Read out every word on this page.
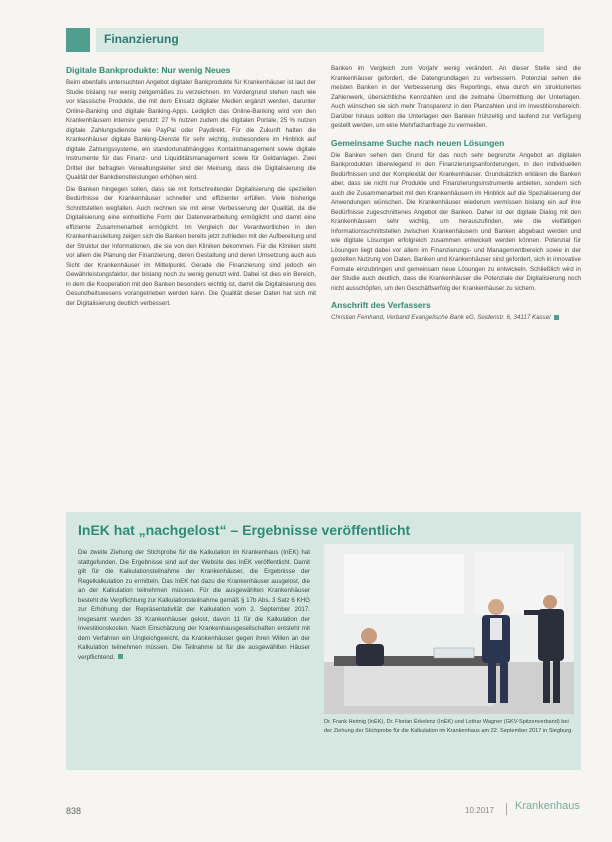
Finanzierung
Digitale Bankprodukte: Nur wenig Neues

Beim ebenfalls untersuchten Angebot digitaler Bankprodukte für Krankenhäuser ist laut der Studie bislang nur wenig zeitgemäßes zu verzeichnen. Im Vordergrund stehen nach wie vor klassische Produkte, die mit dem Einsatz digitaler Medien ergänzt werden, darunter Online-Banking und digitale Banking-Apps. Lediglich das Online-Banking wird von den Krankenhäusern intensiv genutzt: 27 % nutzen zudem die digitalen Portale, 25 % nutzen digitale Zahlungsdienste wie PayPal oder Paydirekt. Für die Zukunft halten die Krankenhäuser digitale Banking-Dienste für sehr wichtig, insbesondere im Hinblick auf digitale Zahlungssysteme, ein standortunabhängiges Kontaktmanagement sowie digitale Instrumente für das Finanz- und Liquiditätsmanagement sowie für Geldanlagen. Zwei Drittel der befragten Verwaltungsleiter sind der Meinung, dass die Digitalisierung die Qualität der Bankdienstleistungen erhöhen wird.

Die Banken hingegen sollen, dass sie mit fortschreitender Digitalisierung die speziellen Bedürfnisse der Krankenhäuser schneller und effizienter erfüllen. Viele bisherige Schnittstellen wegfallen. Auch rechnen sie mit einer Verbesserung der Qualität, da die Digitalisierung eine einheitliche Form der Datenverarbeitung ermöglicht und damit eine effiziente Zusammenarbeit ermöglicht. Im Vergleich der Verantwortlichen in den Krankenhausleitung zeigen sich die Banken bereits jetzt zufrieden mit der Aufbereitung und der Struktur der Informationen, die sie von den Kliniken bekommen. Für die Kliniken steht vor allem die Planung der Finanzierung, deren Gestaltung und deren Umsetzung auch aus Sicht der Krankenhäuser im Mittelpunkt. Gerade die Finanzierung sind jedoch ein Gewährleistungsfaktor, der bislang noch zu wenig genutzt wird. Dabei ist dies ein Bereich, in dem die Kooperation mit den Banken besonders wichtig ist, damit die Digitalisierung des Gesundheitswesens vorangetrieben werden kann. Die Qualität dieser Daten hat sich mit der Digitalisierung deutlich verbessert.

Banken im Vergleich zum Vorjahr wenig verändert. An dieser Stelle sind die Krankenhäuser gefordert, die Datengrundlagen zu verbessern. Potenzial sehen die meisten Banken in der Verbesserung des Reportings, etwa durch ein strukturiertes Zahlenwerk, übersichtliche Kennzahlen und die zeitnahe Übermittlung der Unterlagen. Auch wünschen sie sich mehr Transparenz in den Planzahlen und im Investitionsbereich. Darüber hinaus sollten die Unterlagen den Banken frühzeitig und laufend zur Verfügung gestellt werden, um eine Mehrfachanfrage zu vermeiden.

Gemeinsame Suche nach neuen Lösungen

Die Banken sehen den Grund für das noch sehr begrenzte Angebot an digitalen Bankprodukten überwiegend in den Finanzierungsanforderungen, in den individuellen Bedürfnissen und der Komplexität der Krankenhäuser. Grundsätzlich erklären die Banken aber, dass sie nicht nur Produkte und Finanzierungsinstrumente anbieten, sondern sich auch die Zusammenarbeit mit den Krankenhäusern im Hinblick auf die Spezialisierung der Anwendungen wünschen. Die Krankenhäuser wiederum vermissen bislang ein auf ihre Bedürfnisse zugeschnittenes Angebot der Banken. Daher ist der digitale Dialog mit den Krankenhäusern sehr wichtig, um herauszufinden, wie die vielfältigen Informationsschnittstellen zwischen Krankenhäusern und Banken abgebaut werden und wie digitale Lösungen erfolgreich zusammen entwickelt werden können. Potenzial für Lösungen liegt dabei vor allem im Finanzierungs- und Managementbereich sowie in der gezielten Nutzung von Daten. Banken und Krankenhäuser sind gefordert, sich in innovative Formate einzubringen und gemeinsam neue Lösungen zu entwickeln. Schließlich wird in der Studie auch deutlich, dass die Krankenhäuser die Potenziale der Digitalisierung noch nicht ausschöpfen, um den Geschäftserfolg der Krankenhäuser zu sichern.

Anschrift des Verfassers
Christian Feinhand, Verband Evangelische Bank eG, Seidenstr. 6, 34117 Kassel
InEK hat „nachgelost“ – Ergebnisse veröffentlicht
Die zweite Ziehung der Stichprobe für die Kalkulation im Krankenhaus (InEK) hat stattgefunden. Die Ergebnisse sind auf der Website des InEK veröffentlicht. Damit gilt für die Kalkulationsteilnahme der Krankenhäuser, die Ergebnisse der Regelkalkulation zu ermitteln. Das InEK hat dazu die Krankenhäuser ausgelost, die an der Kalkulation teilnehmen müssen. Für die ausgewählten Krankenhäuser besteht die Verpflichtung zur Kalkulationsteilnahme gemäß § 17b Abs. 3 Satz 6 KHG zur Erhöhung der Repräsentativität der Kalkulation vom 2. September 2017. Insgesamt wurden 33 Krankenhäuser gelost, davon 11 für die Kalkulation der Investitionskosten. Nach Einschätzung der Krankenhausgesellschaften entsteht mit dem Verfahren ein Ungleichgewicht, da Krankenhäuser gegen ihren Willen an der Kalkulation teilnehmen müssen. Die Teilnahme ist für die ausgewählten Häuser verpflichtend.
Dr. Frank Heimig (InEK), Dr. Florian Erkelenz (InEK) und Lothar Wagner (GKV-Spitzenverband) bei der Ziehung der Stichprobe für die Kalkulation im Krankenhaus am 22. September 2017 in Siegburg.
838	10.2017 Krankenhaus
